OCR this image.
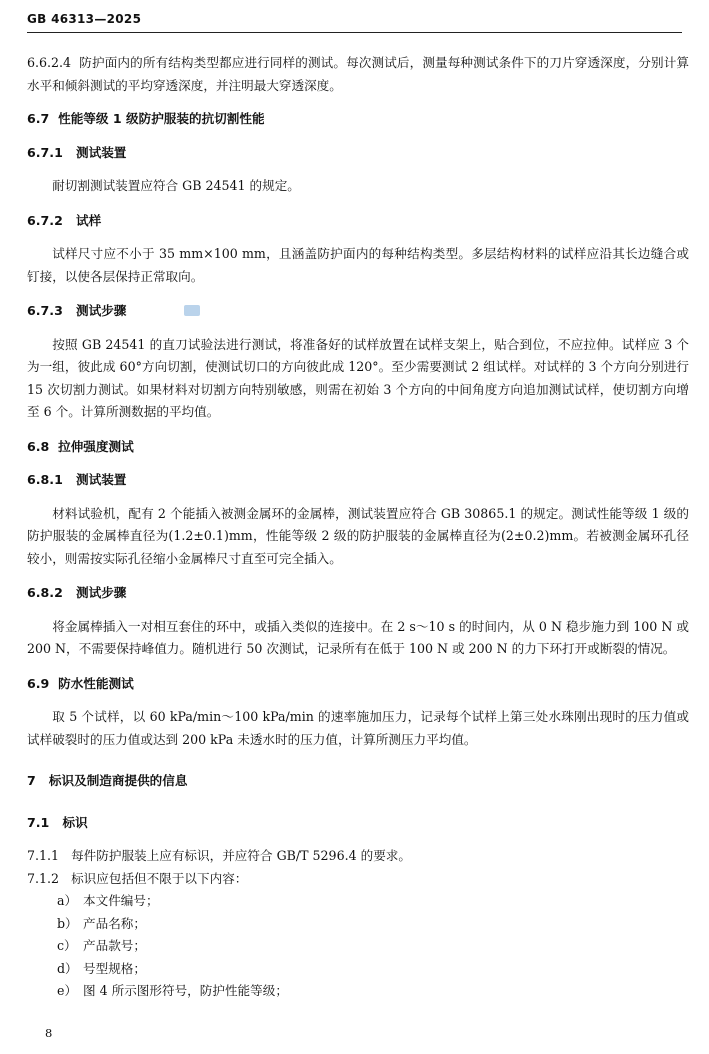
GB 46313—2025

6.6.2.4 防护面内的所有结构类型都应进行同样的测试。每次测试后，测量每种测试条件下的刀片穿透深度，分别计算水平和倾斜测试的平均穿透深度，并注明最大穿透深度。

6.7 性能等级 1 级防护服装的抗切割性能

6.7.1 测试装置

耐切割测试装置应符合 GB 24541 的规定。

6.7.2 试样

试样尺寸应不小于 35 mm×100 mm，且涵盖防护面内的每种结构类型。多层结构材料的试样应沿其长边缝合或钉接，以使各层保持正常取向。

6.7.3 测试步骤

按照 GB 24541 的直刀试验法进行测试，将准备好的试样放置在试样支架上，贴合到位，不应拉伸。试样应 3 个为一组，彼此成 60°方向切割，使测试切口的方向彼此成 120°。至少需要测试 2 组试样。对试样的 3 个方向分别进行 15 次切割力测试。如果材料对切割方向特别敏感，则需在初始 3 个方向的中间角度方向追加测试试样，使切割方向增至 6 个。计算所测数据的平均值。

6.8 拉伸强度测试

6.8.1 测试装置

材料试验机，配有 2 个能插入被测金属环的金属棒，测试装置应符合 GB 30865.1 的规定。测试性能等级 1 级的防护服装的金属棒直径为(1.2±0.1)mm，性能等级 2 级的防护服装的金属棒直径为(2±0.2)mm。若被测金属环孔径较小，则需按实际孔径缩小金属棒尺寸直至可完全插入。

6.8.2 测试步骤

将金属棒插入一对相互套住的环中，或插入类似的连接中。在 2 s～10 s 的时间内，从 0 N 稳步施力到 100 N 或 200 N，不需要保持峰值力。随机进行 50 次测试，记录所有在低于 100 N 或 200 N 的力下环打开或断裂的情况。

6.9 防水性能测试

取 5 个试样，以 60 kPa/min～100 kPa/min 的速率施加压力，记录每个试样上第三处水珠刚出现时的压力值或试样破裂时的压力值或达到 200 kPa 未透水时的压力值，计算所测压力平均值。

7 标识及制造商提供的信息

7.1 标识

7.1.1 每件防护服装上应有标识，并应符合 GB/T 5296.4 的要求。

7.1.2 标识应包括但不限于以下内容：

a） 本文件编号；

b） 产品名称；

c） 产品款号；

d） 号型规格；

e） 图 4 所示图形符号，防护性能等级；

8
